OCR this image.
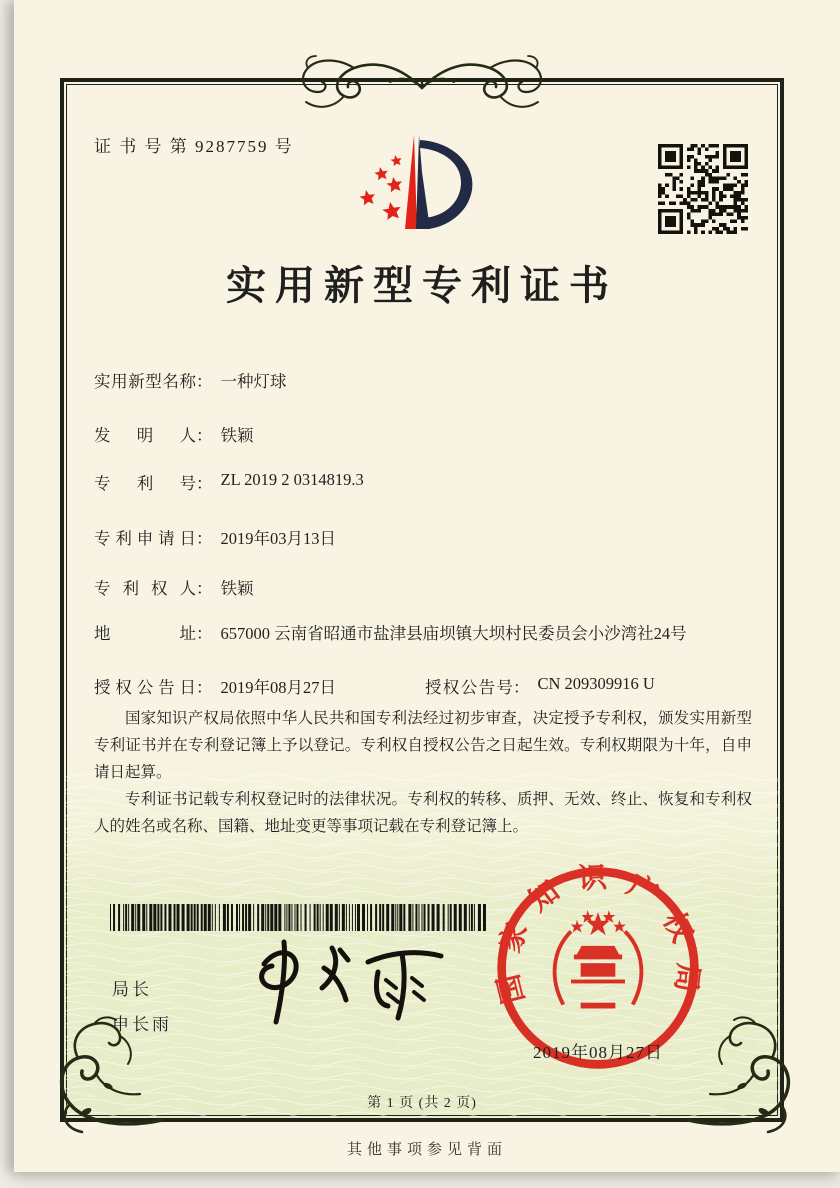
证 书 号 第 9287759 号
实用新型专利证书
实用新型名称： 一种灯球
发明人： 铁颖
专利号： ZL 2019 2 0314819.3
专利申请日： 2019年03月13日
专利权人： 铁颖
地址： 657000 云南省昭通市盐津县庙坝镇大坝村民委员会小沙湾社24号
授权公告日： 2019年08月27日	授权公告号： CN 209309916 U

国家知识产权局依照中华人民共和国专利法经过初步审查，决定授予专利权，颁发实用新型专利证书并在专利登记簿上予以登记。专利权自授权公告之日起生效。专利权期限为十年，自申请日起算。

专利证书记载专利权登记时的法律状况。专利权的转移、质押、无效、终止、恢复和专利权人的姓名或名称、国籍、地址变更等事项记载在专利登记簿上。

局长
申长雨
国家知识产权局
2019年08月27日
第 1 页 (共 2 页)
其他事项参见背面
